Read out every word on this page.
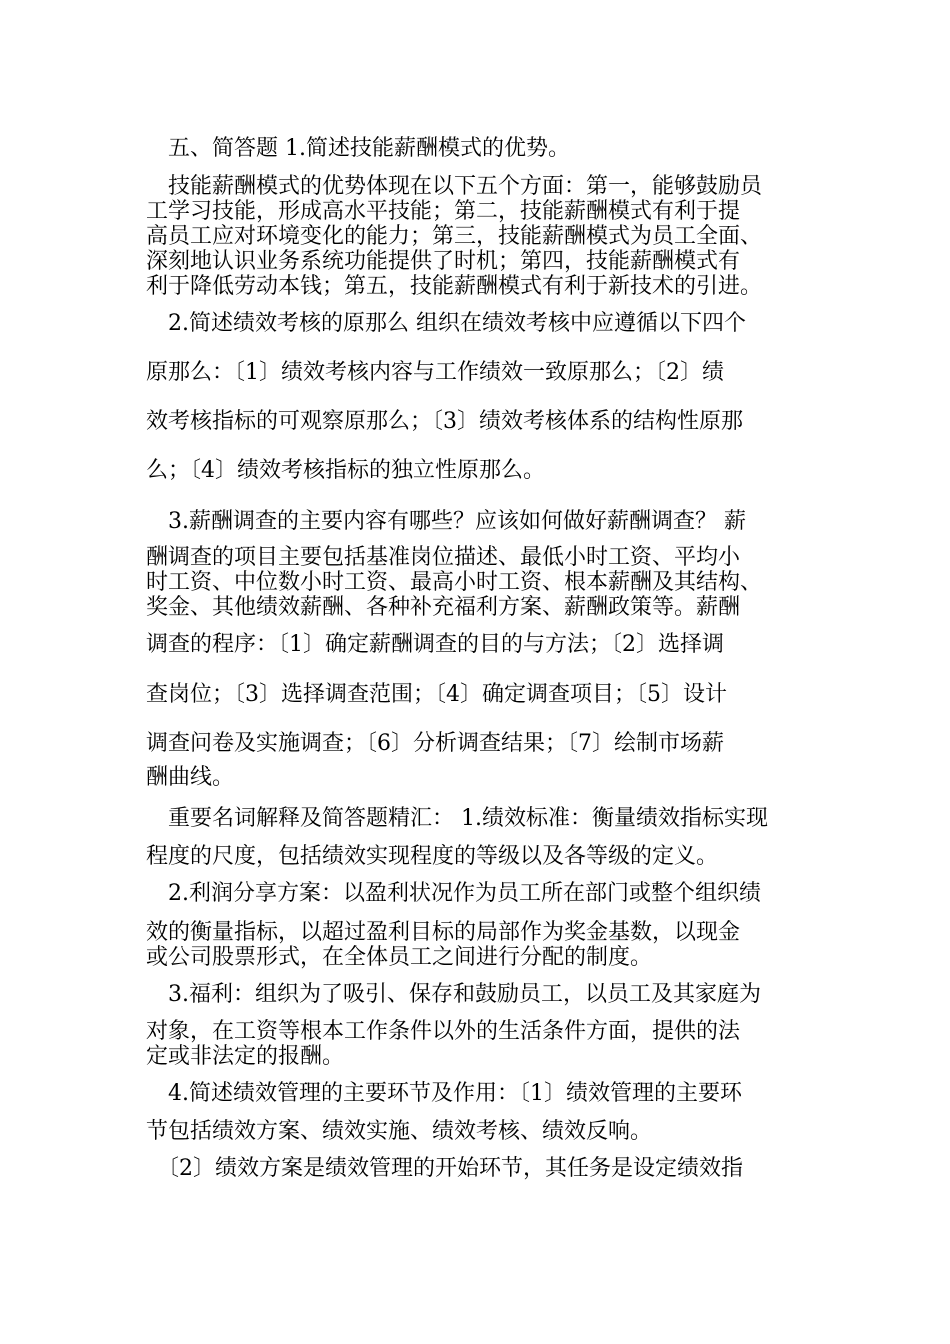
　五、简答题 1.简述技能薪酬模式的优势。
　技能薪酬模式的优势体现在以下五个方面：第一，能够鼓励员
工学习技能，形成高水平技能；第二，技能薪酬模式有利于提
高员工应对环境变化的能力；第三，技能薪酬模式为员工全面、
深刻地认识业务系统功能提供了时机；第四，技能薪酬模式有
利于降低劳动本钱；第五，技能薪酬模式有利于新技术的引进。
　2.简述绩效考核的原那么 组织在绩效考核中应遵循以下四个
原那么：〔1〕绩效考核内容与工作绩效一致原那么；〔2〕绩
效考核指标的可观察原那么；〔3〕绩效考核体系的结构性原那
么；〔4〕绩效考核指标的独立性原那么。
　3.薪酬调查的主要内容有哪些？应该如何做好薪酬调查？ 薪
酬调查的项目主要包括基准岗位描述、最低小时工资、平均小
时工资、中位数小时工资、最高小时工资、根本薪酬及其结构、
奖金、其他绩效薪酬、各种补充福利方案、薪酬政策等。薪酬
调查的程序：〔1〕确定薪酬调查的目的与方法；〔2〕选择调
查岗位；〔3〕选择调查范围；〔4〕确定调查项目；〔5〕设计
调查问卷及实施调查；〔6〕分析调查结果；〔7〕绘制市场薪
酬曲线。
　重要名词解释及简答题精汇： 1.绩效标准：衡量绩效指标实现
程度的尺度，包括绩效实现程度的等级以及各等级的定义。
　2.利润分享方案：以盈利状况作为员工所在部门或整个组织绩
效的衡量指标，以超过盈利目标的局部作为奖金基数，以现金
或公司股票形式，在全体员工之间进行分配的制度。
　3.福利：组织为了吸引、保存和鼓励员工，以员工及其家庭为
对象，在工资等根本工作条件以外的生活条件方面，提供的法
定或非法定的报酬。
　4.简述绩效管理的主要环节及作用：〔1〕绩效管理的主要环
节包括绩效方案、绩效实施、绩效考核、绩效反响。
　〔2〕绩效方案是绩效管理的开始环节，其任务是设定绩效指
